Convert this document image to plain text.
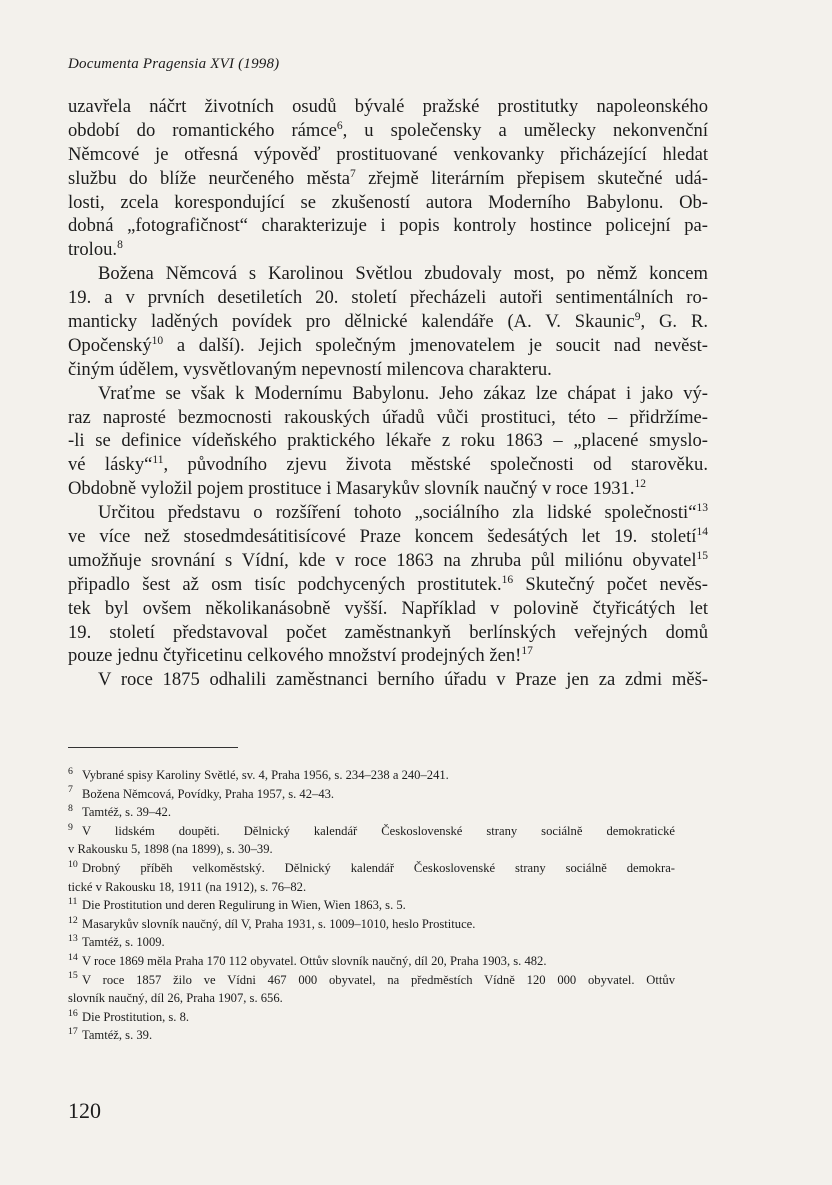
Documenta Pragensia XVI (1998)
uzavřela náčrt životních osudů bývalé pražské prostitutky napoleonského
období do romantického rámce$^6$, u společensky a umělecky nekonvenční
Němcové je otřesná výpověď prostituované venkovanky přicházející hledat
službu do blíže neurčeného města$^7$ zřejmě literárním přepisem skutečné udá-
losti, zcela korespondující se zkušeností autora Moderního Babylonu. Ob-
dobná „fotografičnost“ charakterizuje i popis kontroly hostince policejní pa-
trolou.$^8$
Božena Němcová s Karolinou Světlou zbudovaly most, po němž koncem
19. a v prvních desetiletích 20. století přecházeli autoři sentimentálních ro-
manticky laděných povídek pro dělnické kalendáře (A. V. Skaunic$^9$, G. R.
Opočenský$^{10}$ a další). Jejich společným jmenovatelem je soucit nad nevěst-
činým údělem, vysvětlovaným nepevností milencova charakteru.
Vraťme se však k Modernímu Babylonu. Jeho zákaz lze chápat i jako vý-
raz naprosté bezmocnosti rakouských úřadů vůči prostituci, této – přidržíme-
-li se definice vídeňského praktického lékaře z roku 1863 – „placené smyslo-
vé lásky“$^{11}$, původního zjevu života městské společnosti od starověku.
Obdobně vyložil pojem prostituce i Masarykův slovník naučný v roce 1931.12
Určitou představu o rozšíření tohoto „sociálního zla lidské společnosti“$^{13}$
ve více než stosedmdesátitisícové Praze koncem šedesátých let 19. století$^{14}$
umožňuje srovnání s Vídní, kde v roce 1863 na zhruba půl miliónu obyvatel$^{15}$
připadlo šest až osm tisíc podchycených prostitutek.$^{16}$ Skutečný počet nevěs-
tek byl ovšem několikanásobně vyšší. Například v polovině čtyřicátých let
19. století představoval počet zaměstnankyň berlínských veřejných domů
pouze jednu čtyřicetinu celkového množství prodejných žen!$^{17}$
V roce 1875 odhalili zaměstnanci berního úřadu v Praze jen za zdmi měš-
6 Vybrané spisy Karoliny Světlé, sv. 4, Praha 1956, s. 234–238 a 240–241.
7 Božena Němcová, Povídky, Praha 1957, s. 42–43.
8 Tamtéž, s. 39–42.
9 V lidském doupěti. Dělnický kalendář Československé strany sociálně demokratické
v Rakousku 5, 1898 (na 1899), s. 30–39.
10 Drobný příběh velkoměstský. Dělnický kalendář Československé strany sociálně demokra-
tické v Rakousku 18, 1911 (na 1912), s. 76–82.
11 Die Prostitution und deren Regulirung in Wien, Wien 1863, s. 5.
12 Masarykův slovník naučný, díl V, Praha 1931, s. 1009–1010, heslo Prostituce.
13 Tamtéž, s. 1009.
14 V roce 1869 měla Praha 170 112 obyvatel. Ottův slovník naučný, díl 20, Praha 1903, s. 482.
15 V roce 1857 žilo ve Vídni 467 000 obyvatel, na předměstích Vídně 120 000 obyvatel. Ottův
slovník naučný, díl 26, Praha 1907, s. 656.
16 Die Prostitution, s. 8.
17 Tamtéž, s. 39.
120
